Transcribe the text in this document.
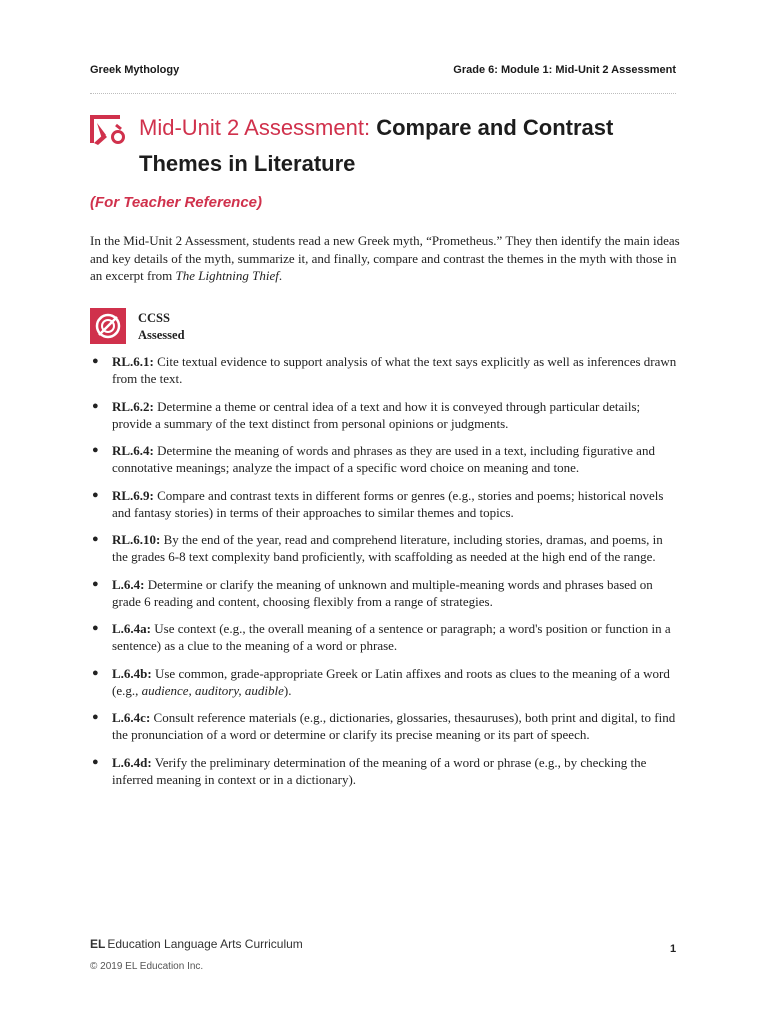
Greek Mythology	Grade 6: Module 1: Mid-Unit 2 Assessment
Mid-Unit 2 Assessment: Compare and Contrast Themes in Literature
(For Teacher Reference)
In the Mid-Unit 2 Assessment, students read a new Greek myth, “Prometheus.” They then identify the main ideas and key details of the myth, summarize it, and finally, compare and contrast the themes in the myth with those in an excerpt from The Lightning Thief.
CCSS
Assessed
● RL.6.1: Cite textual evidence to support analysis of what the text says explicitly as well as inferences drawn from the text.
● RL.6.2: Determine a theme or central idea of a text and how it is conveyed through particular details; provide a summary of the text distinct from personal opinions or judgments.
● RL.6.4: Determine the meaning of words and phrases as they are used in a text, including figurative and connotative meanings; analyze the impact of a specific word choice on meaning and tone.
● RL.6.9: Compare and contrast texts in different forms or genres (e.g., stories and poems; historical novels and fantasy stories) in terms of their approaches to similar themes and topics.
● RL.6.10: By the end of the year, read and comprehend literature, including stories, dramas, and poems, in the grades 6-8 text complexity band proficiently, with scaffolding as needed at the high end of the range.
● L.6.4: Determine or clarify the meaning of unknown and multiple-meaning words and phrases based on grade 6 reading and content, choosing flexibly from a range of strategies.
● L.6.4a: Use context (e.g., the overall meaning of a sentence or paragraph; a word's position or function in a sentence) as a clue to the meaning of a word or phrase.
● L.6.4b: Use common, grade-appropriate Greek or Latin affixes and roots as clues to the meaning of a word (e.g., audience, auditory, audible).
● L.6.4c: Consult reference materials (e.g., dictionaries, glossaries, thesauruses), both print and digital, to find the pronunciation of a word or determine or clarify its precise meaning or its part of speech.
● L.6.4d: Verify the preliminary determination of the meaning of a word or phrase (e.g., by checking the inferred meaning in context or in a dictionary).
EL Education Language Arts Curriculum
© 2019 EL Education Inc.
1
